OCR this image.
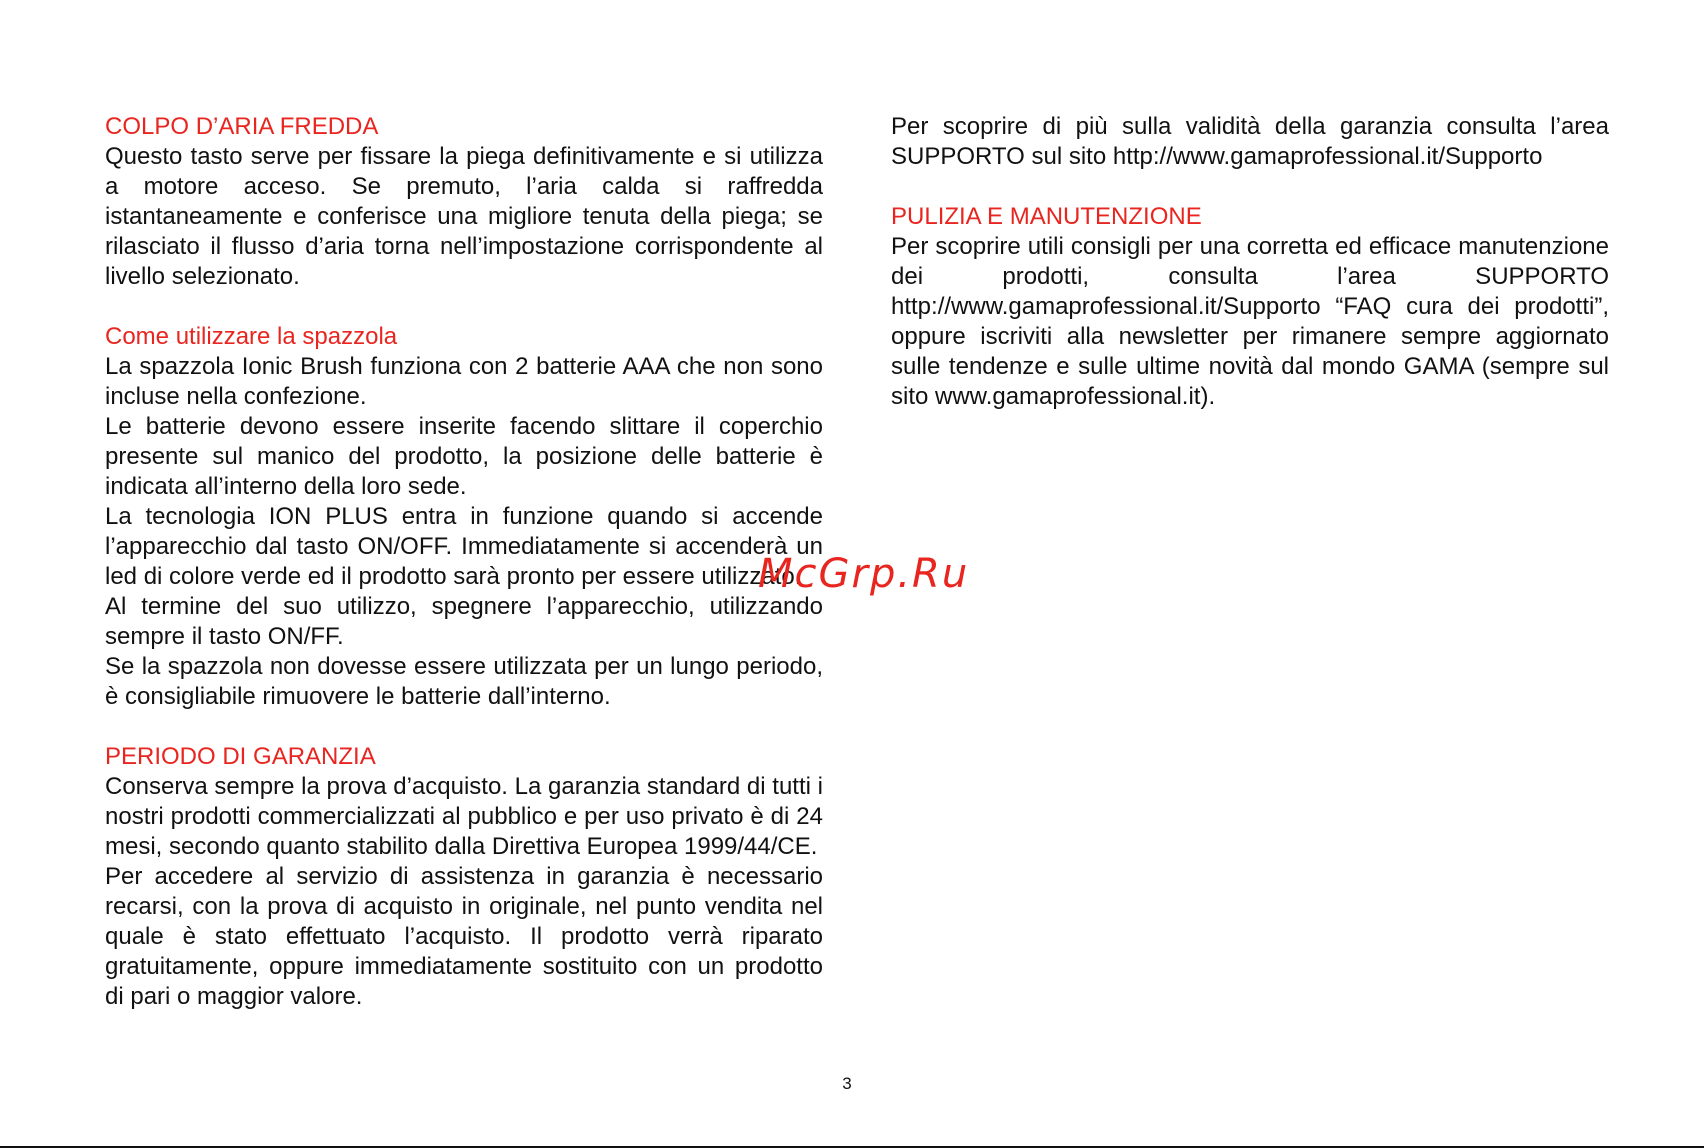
COLPO D’ARIA FREDDA

Questo tasto serve per fissare la piega definitivamente e si utilizza a motore acceso. Se premuto, l’aria calda si raffredda istantaneamente e conferisce una migliore tenuta della piega; se rilasciato il flusso d’aria torna nell’impostazione corrispondente al livello selezionato.

Come utilizzare la spazzola

La spazzola Ionic Brush funziona con 2 batterie AAA che non sono incluse nella confezione.

Le batterie devono essere inserite facendo slittare il coperchio presente sul manico del prodotto, la posizione delle batterie è indicata all’interno della loro sede.

La tecnologia ION PLUS entra in funzione quando si accende l’apparecchio dal tasto ON/OFF. Immediatamente si accenderà un led di colore verde ed il prodotto sarà pronto per essere utilizzato.

Al termine del suo utilizzo, spegnere l’apparecchio, utilizzando sempre il tasto ON/FF.

Se la spazzola non dovesse essere utilizzata per un lungo periodo, è consigliabile rimuovere le batterie dall’interno.

PERIODO DI GARANZIA

Conserva sempre la prova d’acquisto. La garanzia standard di tutti i nostri prodotti commercializzati al pubblico e per uso privato è di 24 mesi, secondo quanto stabilito dalla Direttiva Europea 1999/44/CE.

Per accedere al servizio di assistenza in garanzia è necessario recarsi, con la prova di acquisto in originale, nel punto vendita nel quale è stato effettuato l’acquisto. Il prodotto verrà riparato gratuitamente, oppure immediatamente sostituito con un prodotto di pari o maggior valore.

Per scoprire di più sulla validità della garanzia consulta l’area SUPPORTO sul sito http://www.gamaprofessional.it/Supporto

PULIZIA E MANUTENZIONE

Per scoprire utili consigli per una corretta ed efficace manutenzione dei prodotti, consulta l’area SUPPORTO http://www.gamaprofessional.it/Supporto “FAQ cura dei prodotti”, oppure iscriviti alla newsletter per rimanere sempre aggiornato sulle tendenze e sulle ultime novità dal mondo GAMA (sempre sul sito www.gamaprofessional.it).

McGrp.Ru
3
